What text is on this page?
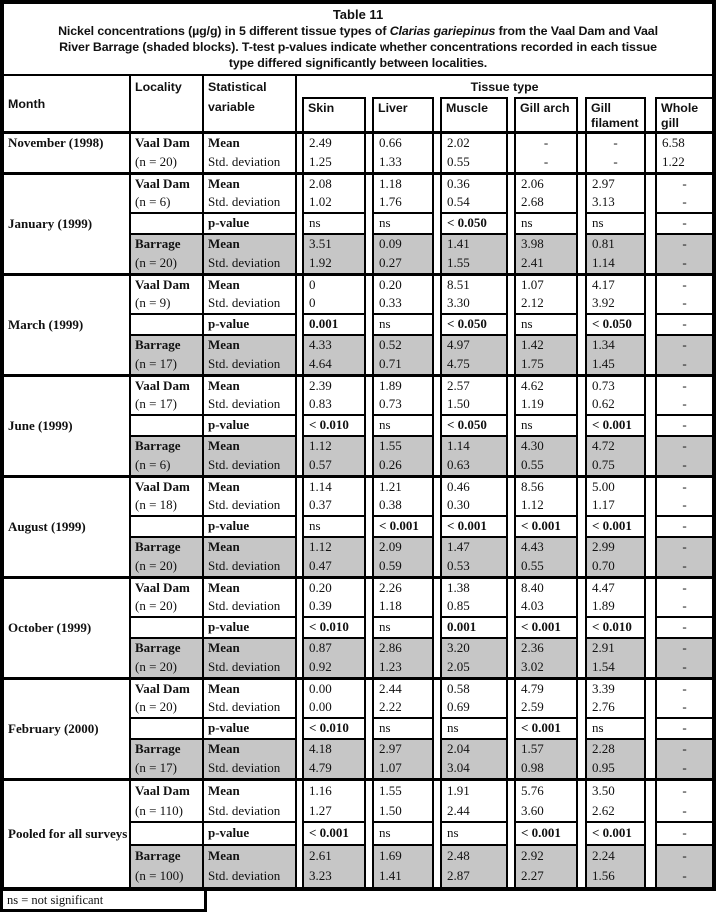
Table 11
Nickel concentrations (µg/g) in 5 different tissue types of Clarias gariepinus from the Vaal Dam and Vaal
River Barrage (shaded blocks). T-test p-values indicate whether concentrations recorded in each tissue
type differed significantly between localities.
Month	Locality	Statistical variable	Tissue type											
				Skin		Liver		Muscle		Gill arch		Gill filament		Whole gill
November (1998)	Vaal Dam
(n = 20)	Mean		2.49		0.66		2.02		-		-		6.58
		Std. deviation		1.25		1.33		0.55		-		-		1.22
January (1999)	Vaal Dam
(n = 6)	Mean		2.08		1.18		0.36		2.06		2.97		-
		Std. deviation		1.02		1.76		0.54		2.68		3.13		-
		p-value		ns		ns		< 0.050		ns		ns		-

	Barrage
(n = 20)	Mean		3.51		0.09		1.41		3.98		0.81		-
		Std. deviation		1.92		0.27		1.55		2.41		1.14		-
March (1999)	Vaal Dam
(n = 9)	Mean		0		0.20		8.51		1.07		4.17		-
		Std. deviation		0		0.33		3.30		2.12		3.92		-
		p-value		0.001		ns		< 0.050		ns		< 0.050		-

	Barrage
(n = 17)	Mean		4.33		0.52		4.97		1.42		1.34		-
		Std. deviation		4.64		0.71		4.75		1.75		1.45		-
June (1999)	Vaal Dam
(n = 17)	Mean		2.39		1.89		2.57		4.62		0.73		-
		Std. deviation		0.83		0.73		1.50		1.19		0.62		-
		p-value		< 0.010		ns		< 0.050		ns		< 0.001		-

	Barrage
(n = 6)	Mean		1.12		1.55		1.14		4.30		4.72		-
		Std. deviation		0.57		0.26		0.63		0.55		0.75		-
August (1999)	Vaal Dam
(n = 18)	Mean		1.14		1.21		0.46		8.56		5.00		-
		Std. deviation		0.37		0.38		0.30		1.12		1.17		-
		p-value		ns		< 0.001		< 0.001		< 0.001		< 0.001		-

	Barrage
(n = 20)	Mean		1.12		2.09		1.47		4.43		2.99		-
		Std. deviation		0.47		0.59		0.53		0.55		0.70		-
October (1999)	Vaal Dam
(n = 20)	Mean		0.20		2.26		1.38		8.40		4.47		-
		Std. deviation		0.39		1.18		0.85		4.03		1.89		-
		p-value		< 0.010		ns		0.001		< 0.001		< 0.010		-

	Barrage
(n = 20)	Mean		0.87		2.86		3.20		2.36		2.91		-
		Std. deviation		0.92		1.23		2.05		3.02		1.54		-
February (2000)	Vaal Dam
(n = 20)	Mean		0.00		2.44		0.58		4.79		3.39		-
		Std. deviation		0.00		2.22		0.69		2.59		2.76		-
		p-value		< 0.010		ns		ns		< 0.001		ns		-

	Barrage
(n = 17)	Mean		4.18		2.97		2.04		1.57		2.28		-
		Std. deviation		4.79		1.07		3.04		0.98		0.95		-
Pooled for all surveys	Vaal Dam
(n = 110)	Mean		1.16		1.55		1.91		5.76		3.50		-
		Std. deviation		1.27		1.50		2.44		3.60		2.62		-
		p-value		< 0.001		ns		ns		< 0.001		< 0.001		-

	Barrage
(n = 100)	Mean		2.61		1.69		2.48		2.92		2.24		-
		Std. deviation		3.23		1.41		2.87		2.27		1.56		-
ns = not significant
